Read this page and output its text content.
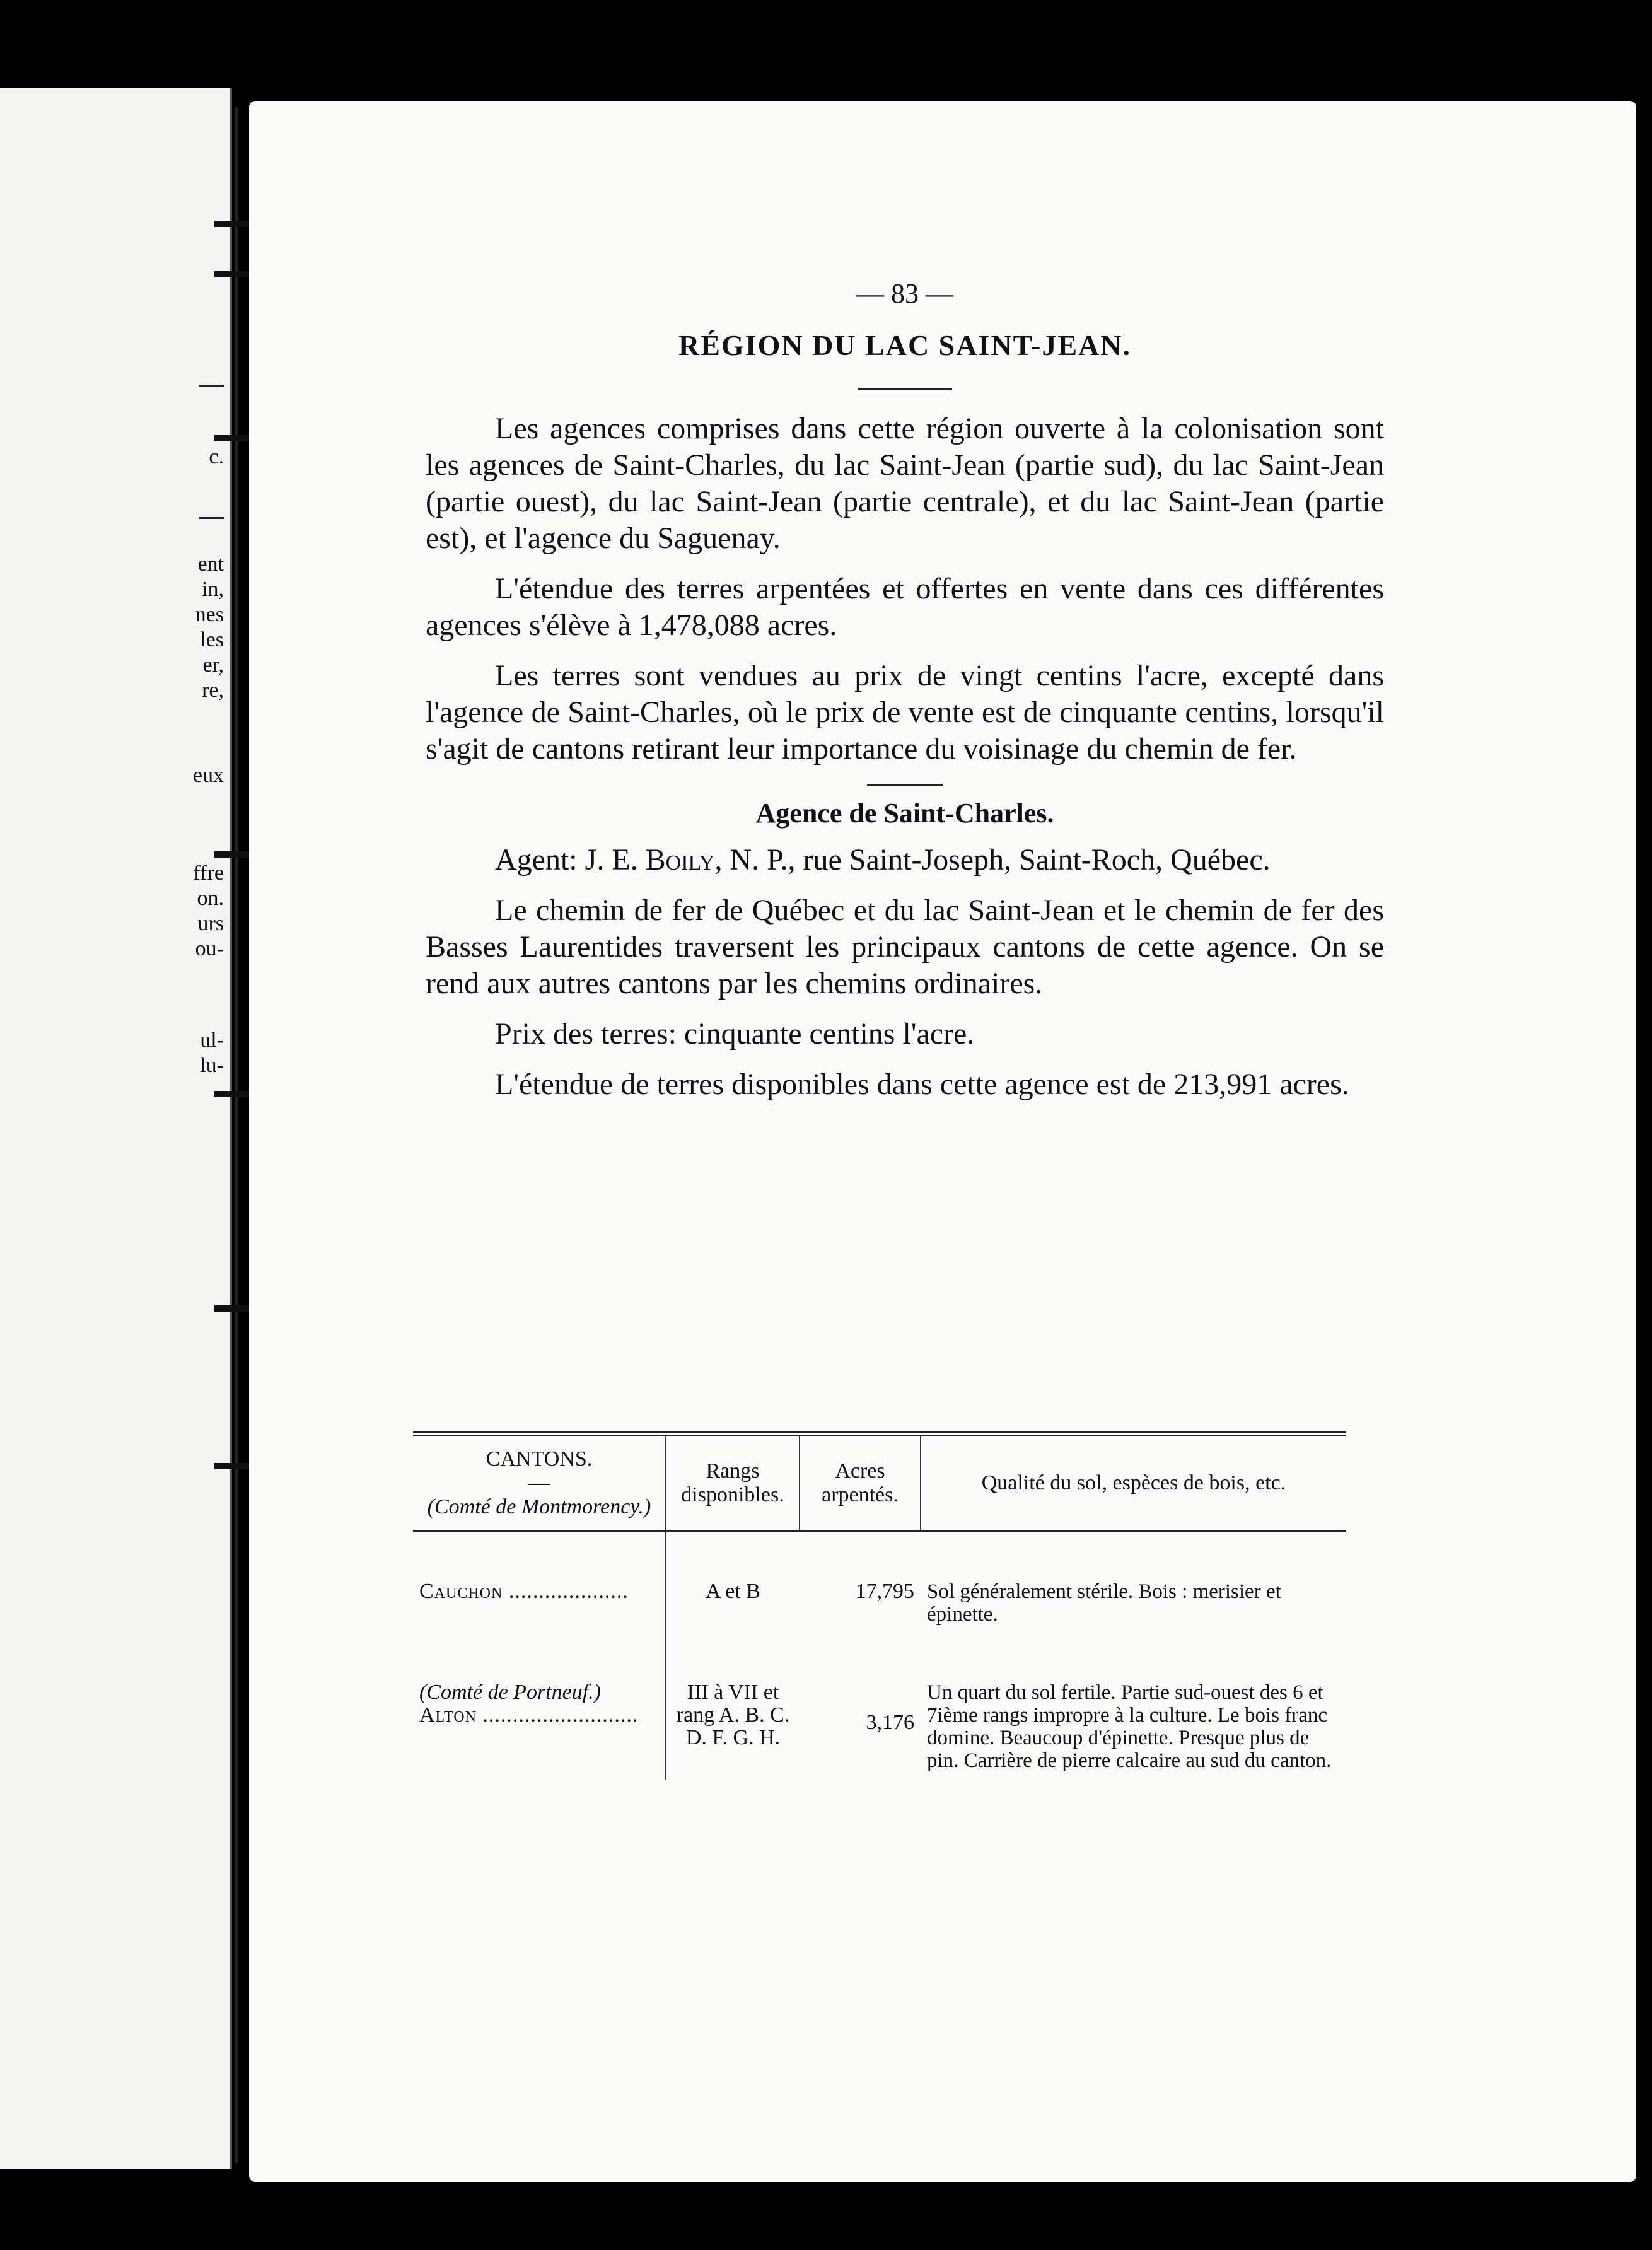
c.
ent
in,
nes
les
er,
re,
eux
ffre
on.
urs
ou-
ul-
lu-
— 83 —
RÉGION DU LAC SAINT-JEAN.

Les agences comprises dans cette région ouverte à la colonisation sont les agences de Saint-Charles, du lac Saint-Jean (partie sud), du lac Saint-Jean (partie ouest), du lac Saint-Jean (partie centrale), et du lac Saint-Jean (partie est), et l'agence du Saguenay.

L'étendue des terres arpentées et offertes en vente dans ces différentes agences s'élève à 1,478,088 acres.

Les terres sont vendues au prix de vingt centins l'acre, excepté dans l'agence de Saint-Charles, où le prix de vente est de cinquante centins, lorsqu'il s'agit de cantons retirant leur importance du voisinage du chemin de fer.

Agence de Saint-Charles.

Agent: J. E. Boily, N. P., rue Saint-Joseph, Saint-Roch, Québec.

Le chemin de fer de Québec et du lac Saint-Jean et le chemin de fer des Basses Laurentides traversent les principaux cantons de cette agence. On se rend aux autres cantons par les chemins ordinaires.

Prix des terres: cinquante centins l'acre.

L'étendue de terres disponibles dans cette agence est de 213,991 acres.

CANTONS.
—
(Comté de Montmorency.)	Rangs disponibles.	Acres arpentés.	Qualité du sol, espèces de bois, etc.

Cauchon ....................	A et B	17,795	Sol généralement stérile. Bois : merisier et épinette.

(Comté de Portneuf.)
Alton ..........................	III à VII et rang A. B. C. D. F. G. H.	3,176	Un quart du sol fertile. Partie sud-ouest des 6 et 7ième rangs impropre à la culture. Le bois franc domine. Beaucoup d'épinette. Presque plus de pin. Carrière de pierre calcaire au sud du canton.
